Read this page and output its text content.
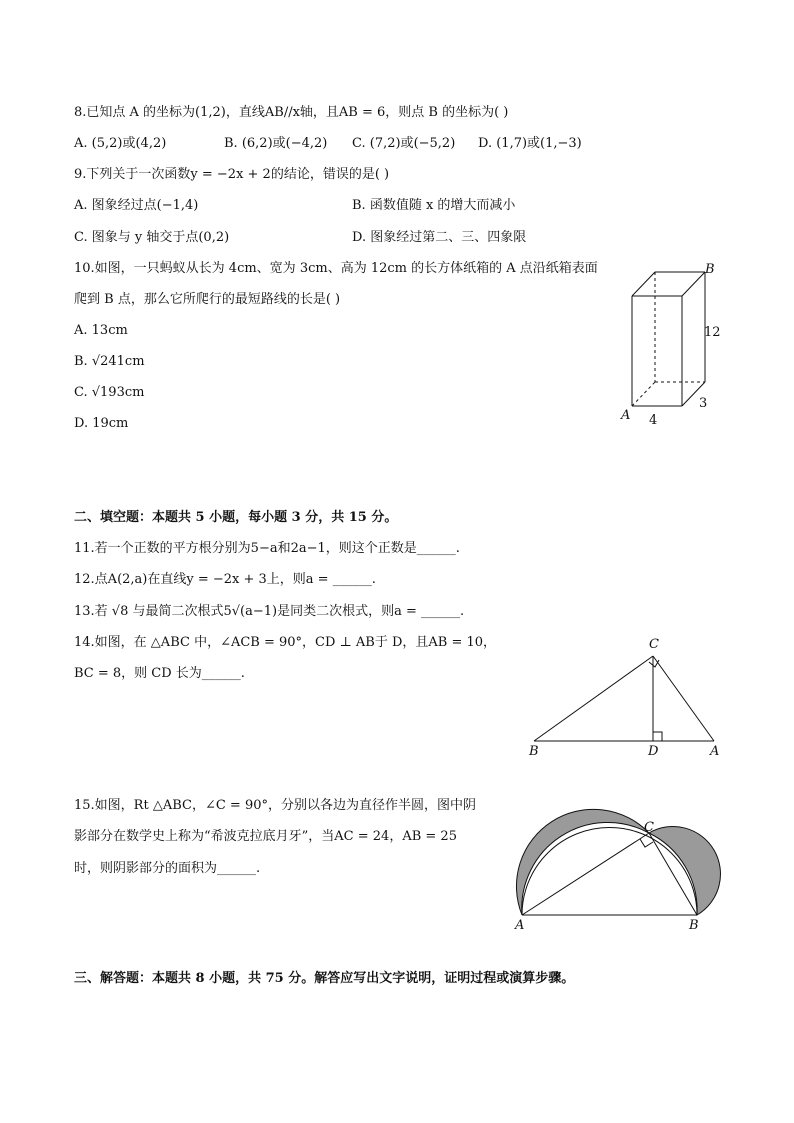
8.已知点 A 的坐标为(1,2)，直线AB//x轴，且AB = 6，则点 B 的坐标为( )
A. (5,2)或(4,2)	B. (6,2)或(−4,2) C. (7,2)或(−5,2) D. (1,7)或(1,−3)
9.下列关于一次函数y = −2x + 2的结论，错误的是( )
A. 图象经过点(−1,4)	B. 函数值随 x 的增大而减小
C. 图象与 y 轴交于点(0,2)	D. 图象经过第二、三、四象限
10.如图，一只蚂蚁从长为 4cm、宽为 3cm、高为 12cm 的长方体纸箱的 A 点沿纸箱表面
爬到 B 点，那么它所爬行的最短路线的长是( )
A. 13cm
B. √241cm
C. √193cm
D. 19cm
A
B
12
4
3
二、填空题：本题共 5 小题，每小题 3 分，共 15 分。
11.若一个正数的平方根分别为5−a和2a−1，则这个正数是______.
12.点A(2,a)在直线y = −2x + 3上，则a = ______.
13.若 √8 与最简二次根式5√(a−1)是同类二次根式，则a = ______.
14.如图，在 △ABC 中，∠ACB = 90°，CD ⊥ AB于 D，且AB = 10，
BC = 8，则 CD 长为______.
C
B	D	A
15.如图，Rt △ABC，∠C = 90°，分别以各边为直径作半圆，图中阴
影部分在数学史上称为“希波克拉底月牙”，当AC = 24，AB = 25
时，则阴影部分的面积为______.
A	B
C
三、解答题：本题共 8 小题，共 75 分。解答应写出文字说明，证明过程或演算步骤。
